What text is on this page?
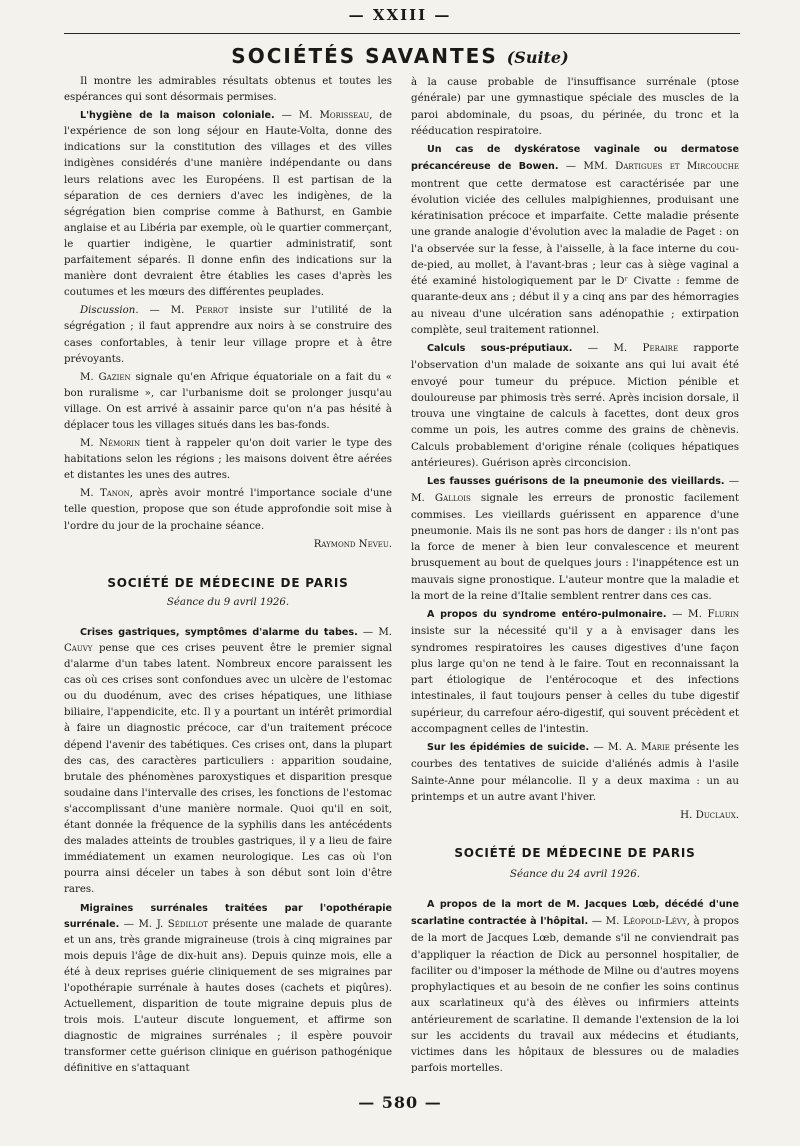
— XXIII —
SOCIÉTÉS SAVANTES (Suite)

Il montre les admirables résultats obtenus et toutes les espérances qui sont désormais permises.

L'hygiène de la maison coloniale. — M. Morisseau, de l'expérience de son long séjour en Haute-Volta, donne des indications sur la constitution des villages et des villes indigènes considérés d'une manière indépendante ou dans leurs relations avec les Européens. Il est partisan de la séparation de ces derniers d'avec les indigènes, de la ségrégation bien comprise comme à Bathurst, en Gambie anglaise et au Libéria par exemple, où le quartier commerçant, le quartier indigène, le quartier administratif, sont parfaitement séparés. Il donne enfin des indications sur la manière dont devraient être établies les cases d'après les coutumes et les mœurs des différentes peuplades.

Discussion. — M. Perrot insiste sur l'utilité de la ségrégation ; il faut apprendre aux noirs à se construire des cases confortables, à tenir leur village propre et à être prévoyants.

M. Gazien signale qu'en Afrique équatoriale on a fait du « bon ruralisme », car l'urbanisme doit se prolonger jusqu'au village. On est arrivé à assainir parce qu'on n'a pas hésité à déplacer tous les villages situés dans les bas-fonds.

M. Némorin tient à rappeler qu'on doit varier le type des habitations selon les régions ; les maisons doivent être aérées et distantes les unes des autres.

M. Tanon, après avoir montré l'importance sociale d'une telle question, propose que son étude approfondie soit mise à l'ordre du jour de la prochaine séance.

Raymond Neveu.
SOCIÉTÉ DE MÉDECINE DE PARIS
Séance du 9 avril 1926.

Crises gastriques, symptômes d'alarme du tabes. — M. Cauvy pense que ces crises peuvent être le premier signal d'alarme d'un tabes latent. Nombreux encore paraissent les cas où ces crises sont confondues avec un ulcère de l'estomac ou du duodénum, avec des crises hépatiques, une lithiase biliaire, l'appendicite, etc. Il y a pourtant un intérêt primordial à faire un diagnostic précoce, car d'un traitement précoce dépend l'avenir des tabétiques. Ces crises ont, dans la plupart des cas, des caractères particuliers : apparition soudaine, brutale des phénomènes paroxystiques et disparition presque soudaine dans l'intervalle des crises, les fonctions de l'estomac s'accomplissant d'une manière normale. Quoi qu'il en soit, étant donnée la fréquence de la syphilis dans les antécédents des malades atteints de troubles gastriques, il y a lieu de faire immédiatement un examen neurologique. Les cas où l'on pourra ainsi déceler un tabes à son début sont loin d'être rares.

Migraines surrénales traitées par l'opothérapie surrénale. — M. J. Sédillot présente une malade de quarante et un ans, très grande migraineuse (trois à cinq migraines par mois depuis l'âge de dix-huit ans). Depuis quinze mois, elle a été à deux reprises guérie cliniquement de ses migraines par l'opothérapie surrénale à hautes doses (cachets et piqûres). Actuellement, disparition de toute migraine depuis plus de trois mois. L'auteur discute longuement, et affirme son diagnostic de migraines surrénales ; il espère pouvoir transformer cette guérison clinique en guérison pathogénique définitive en s'attaquant

à la cause probable de l'insuffisance surrénale (ptose générale) par une gymnastique spéciale des muscles de la paroi abdominale, du psoas, du périnée, du tronc et la rééducation respiratoire.

Un cas de dyskératose vaginale ou dermatose précancéreuse de Bowen. — MM. Dartigues et Mircouche montrent que cette dermatose est caractérisée par une évolution viciée des cellules malpighiennes, produisant une kératinisation précoce et imparfaite. Cette maladie présente une grande analogie d'évolution avec la maladie de Paget : on l'a observée sur la fesse, à l'aisselle, à la face interne du cou-de-pied, au mollet, à l'avant-bras ; leur cas à siège vaginal a été examiné histologiquement par le Dʳ Civatte : femme de quarante-deux ans ; début il y a cinq ans par des hémorragies au niveau d'une ulcération sans adénopathie ; extirpation complète, seul traitement rationnel.

Calculs sous-préputiaux. — M. Peraire rapporte l'observation d'un malade de soixante ans qui lui avait été envoyé pour tumeur du prépuce. Miction pénible et douloureuse par phimosis très serré. Après incision dorsale, il trouva une vingtaine de calculs à facettes, dont deux gros comme un pois, les autres comme des grains de chènevis. Calculs probablement d'origine rénale (coliques hépatiques antérieures). Guérison après circoncision.

Les fausses guérisons de la pneumonie des vieillards. — M. Gallois signale les erreurs de pronostic facilement commises. Les vieillards guérissent en apparence d'une pneumonie. Mais ils ne sont pas hors de danger : ils n'ont pas la force de mener à bien leur convalescence et meurent brusquement au bout de quelques jours : l'inappétence est un mauvais signe pronostique. L'auteur montre que la maladie et la mort de la reine d'Italie semblent rentrer dans ces cas.

A propos du syndrome entéro-pulmonaire. — M. Flurin insiste sur la nécessité qu'il y a à envisager dans les syndromes respiratoires les causes digestives d'une façon plus large qu'on ne tend à le faire. Tout en reconnaissant la part étiologique de l'entérocoque et des infections intestinales, il faut toujours penser à celles du tube digestif supérieur, du carrefour aéro-digestif, qui souvent précèdent et accompagnent celles de l'intestin.

Sur les épidémies de suicide. — M. A. Marie présente les courbes des tentatives de suicide d'aliénés admis à l'asile Sainte-Anne pour mélancolie. Il y a deux maxima : un au printemps et un autre avant l'hiver.

H. Duclaux.
SOCIÉTÉ DE MÉDECINE DE PARIS
Séance du 24 avril 1926.

A propos de la mort de M. Jacques Lœb, décédé d'une scarlatine contractée à l'hôpital. — M. Léopold-Lévy, à propos de la mort de Jacques Lœb, demande s'il ne conviendrait pas d'appliquer la réaction de Dick au personnel hospitalier, de faciliter ou d'imposer la méthode de Milne ou d'autres moyens prophylactiques et au besoin de ne confier les soins continus aux scarlatineux qu'à des élèves ou infirmiers atteints antérieurement de scarlatine. Il demande l'extension de la loi sur les accidents du travail aux médecins et étudiants, victimes dans les hôpitaux de blessures ou de maladies parfois mortelles.

— 580 —
